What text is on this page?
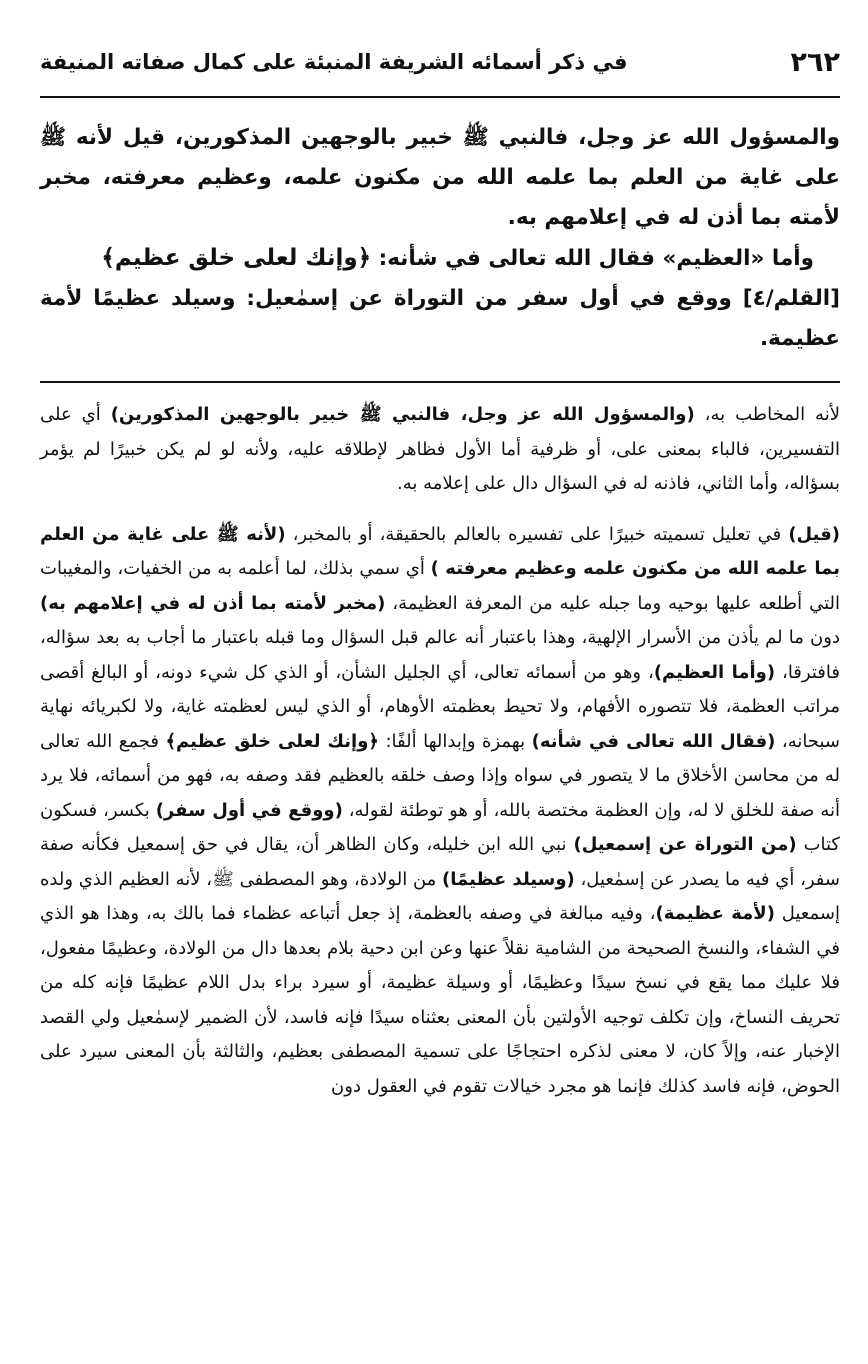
٢٦٢
في ذكر أسمائه الشريفة المنبئة على كمال صفاته المنيفة

والمسؤول الله عز وجل، فالنبي ﷺ خبير بالوجهين المذكورين، قيل لأنه ﷺ على غاية من العلم بما علمه الله من مكنون علمه، وعظيم معرفته، مخبر لأمته بما أذن له في إعلامهم به.

وأما «العظيم» فقال الله تعالى في شأنه: ﴿وإنك لعلى خلق عظيم﴾

[القلم/٤] ووقع في أول سفر من التوراة عن إسمٰعيل: وسيلد عظيمًا لأمة عظيمة.

لأنه المخاطب به، (والمسؤول الله عز وجل، فالنبي ﷺ خبير بالوجهين المذكورين) أي على التفسيرين، فالباء بمعنى على، أو ظرفية أما الأول فظاهر لإطلاقه عليه، ولأنه لو لم يكن خبيرًا لم يؤمر بسؤاله، وأما الثاني، فاذنه له في السؤال دال على إعلامه به.

(قيل) في تعليل تسميته خبيرًا على تفسيره بالعالم بالحقيقة، أو بالمخبر، (لأنه ﷺ على غاية من العلم بما علمه الله من مكنون علمه وعظيم معرفته ) أي سمي بذلك، لما أعلمه به من الخفيات، والمغيبات التي أطلعه عليها بوحيه وما جبله عليه من المعرفة العظيمة، (مخبر لأمته بما أذن له في إعلامهم به) دون ما لم يأذن من الأسرار الإلهية، وهذا باعتبار أنه عالم قبل السؤال وما قبله باعتبار ما أجاب به بعد سؤاله، فافترقا، (وأما العظيم)، وهو من أسمائه تعالى، أي الجليل الشأن، أو الذي كل شيء دونه، أو البالغ أقصى مراتب العظمة، فلا تتصوره الأفهام، ولا تحيط بعظمته الأوهام، أو الذي ليس لعظمته غاية، ولا لكبريائه نهاية سبحانه، (فقال الله تعالى في شأنه) بهمزة وإبدالها ألفًا: ﴿وإنك لعلى خلق عظيم﴾ فجمع الله تعالى له من محاسن الأخلاق ما لا يتصور في سواه وإذا وصف خلقه بالعظيم فقد وصفه به، فهو من أسمائه، فلا يرد أنه صفة للخلق لا له، وإن العظمة مختصة بالله، أو هو توطئة لقوله، (ووقع في أول سفر) بكسر، فسكون كتاب (من التوراة عن إسمعيل) نبي الله ابن خليله، وكان الظاهر أن، يقال في حق إسمعيل فكأنه صفة سفر، أي فيه ما يصدر عن إسمٰعيل، (وسيلد عظيمًا) من الولادة، وهو المصطفى ﷺ، لأنه العظيم الذي ولده إسمعيل (لأمة عظيمة)، وفيه مبالغة في وصفه بالعظمة، إذ جعل أتباعه عظماء فما بالك به، وهذا هو الذي في الشفاء، والنسخ الصحيحة من الشامية نقلاً عنها وعن ابن دحية بلام بعدها دال من الولادة، وعظيمًا مفعول، فلا عليك مما يقع في نسخ سيدًا وعظيمًا، أو وسيلة عظيمة، أو سيرد براء بدل اللام عظيمًا فإنه كله من تحريف النساخ، وإن تكلف توجيه الأولتين بأن المعنى بعثناه سيدًا فإنه فاسد، لأن الضمير لإسمٰعيل ولي القصد الإخبار عنه، وإلاً كان، لا معنى لذكره احتجاجًا على تسمية المصطفى بعظيم، والثالثة بأن المعنى سيرد على الحوض، فإنه فاسد كذلك فإنما هو مجرد خيالات تقوم في العقول دون
